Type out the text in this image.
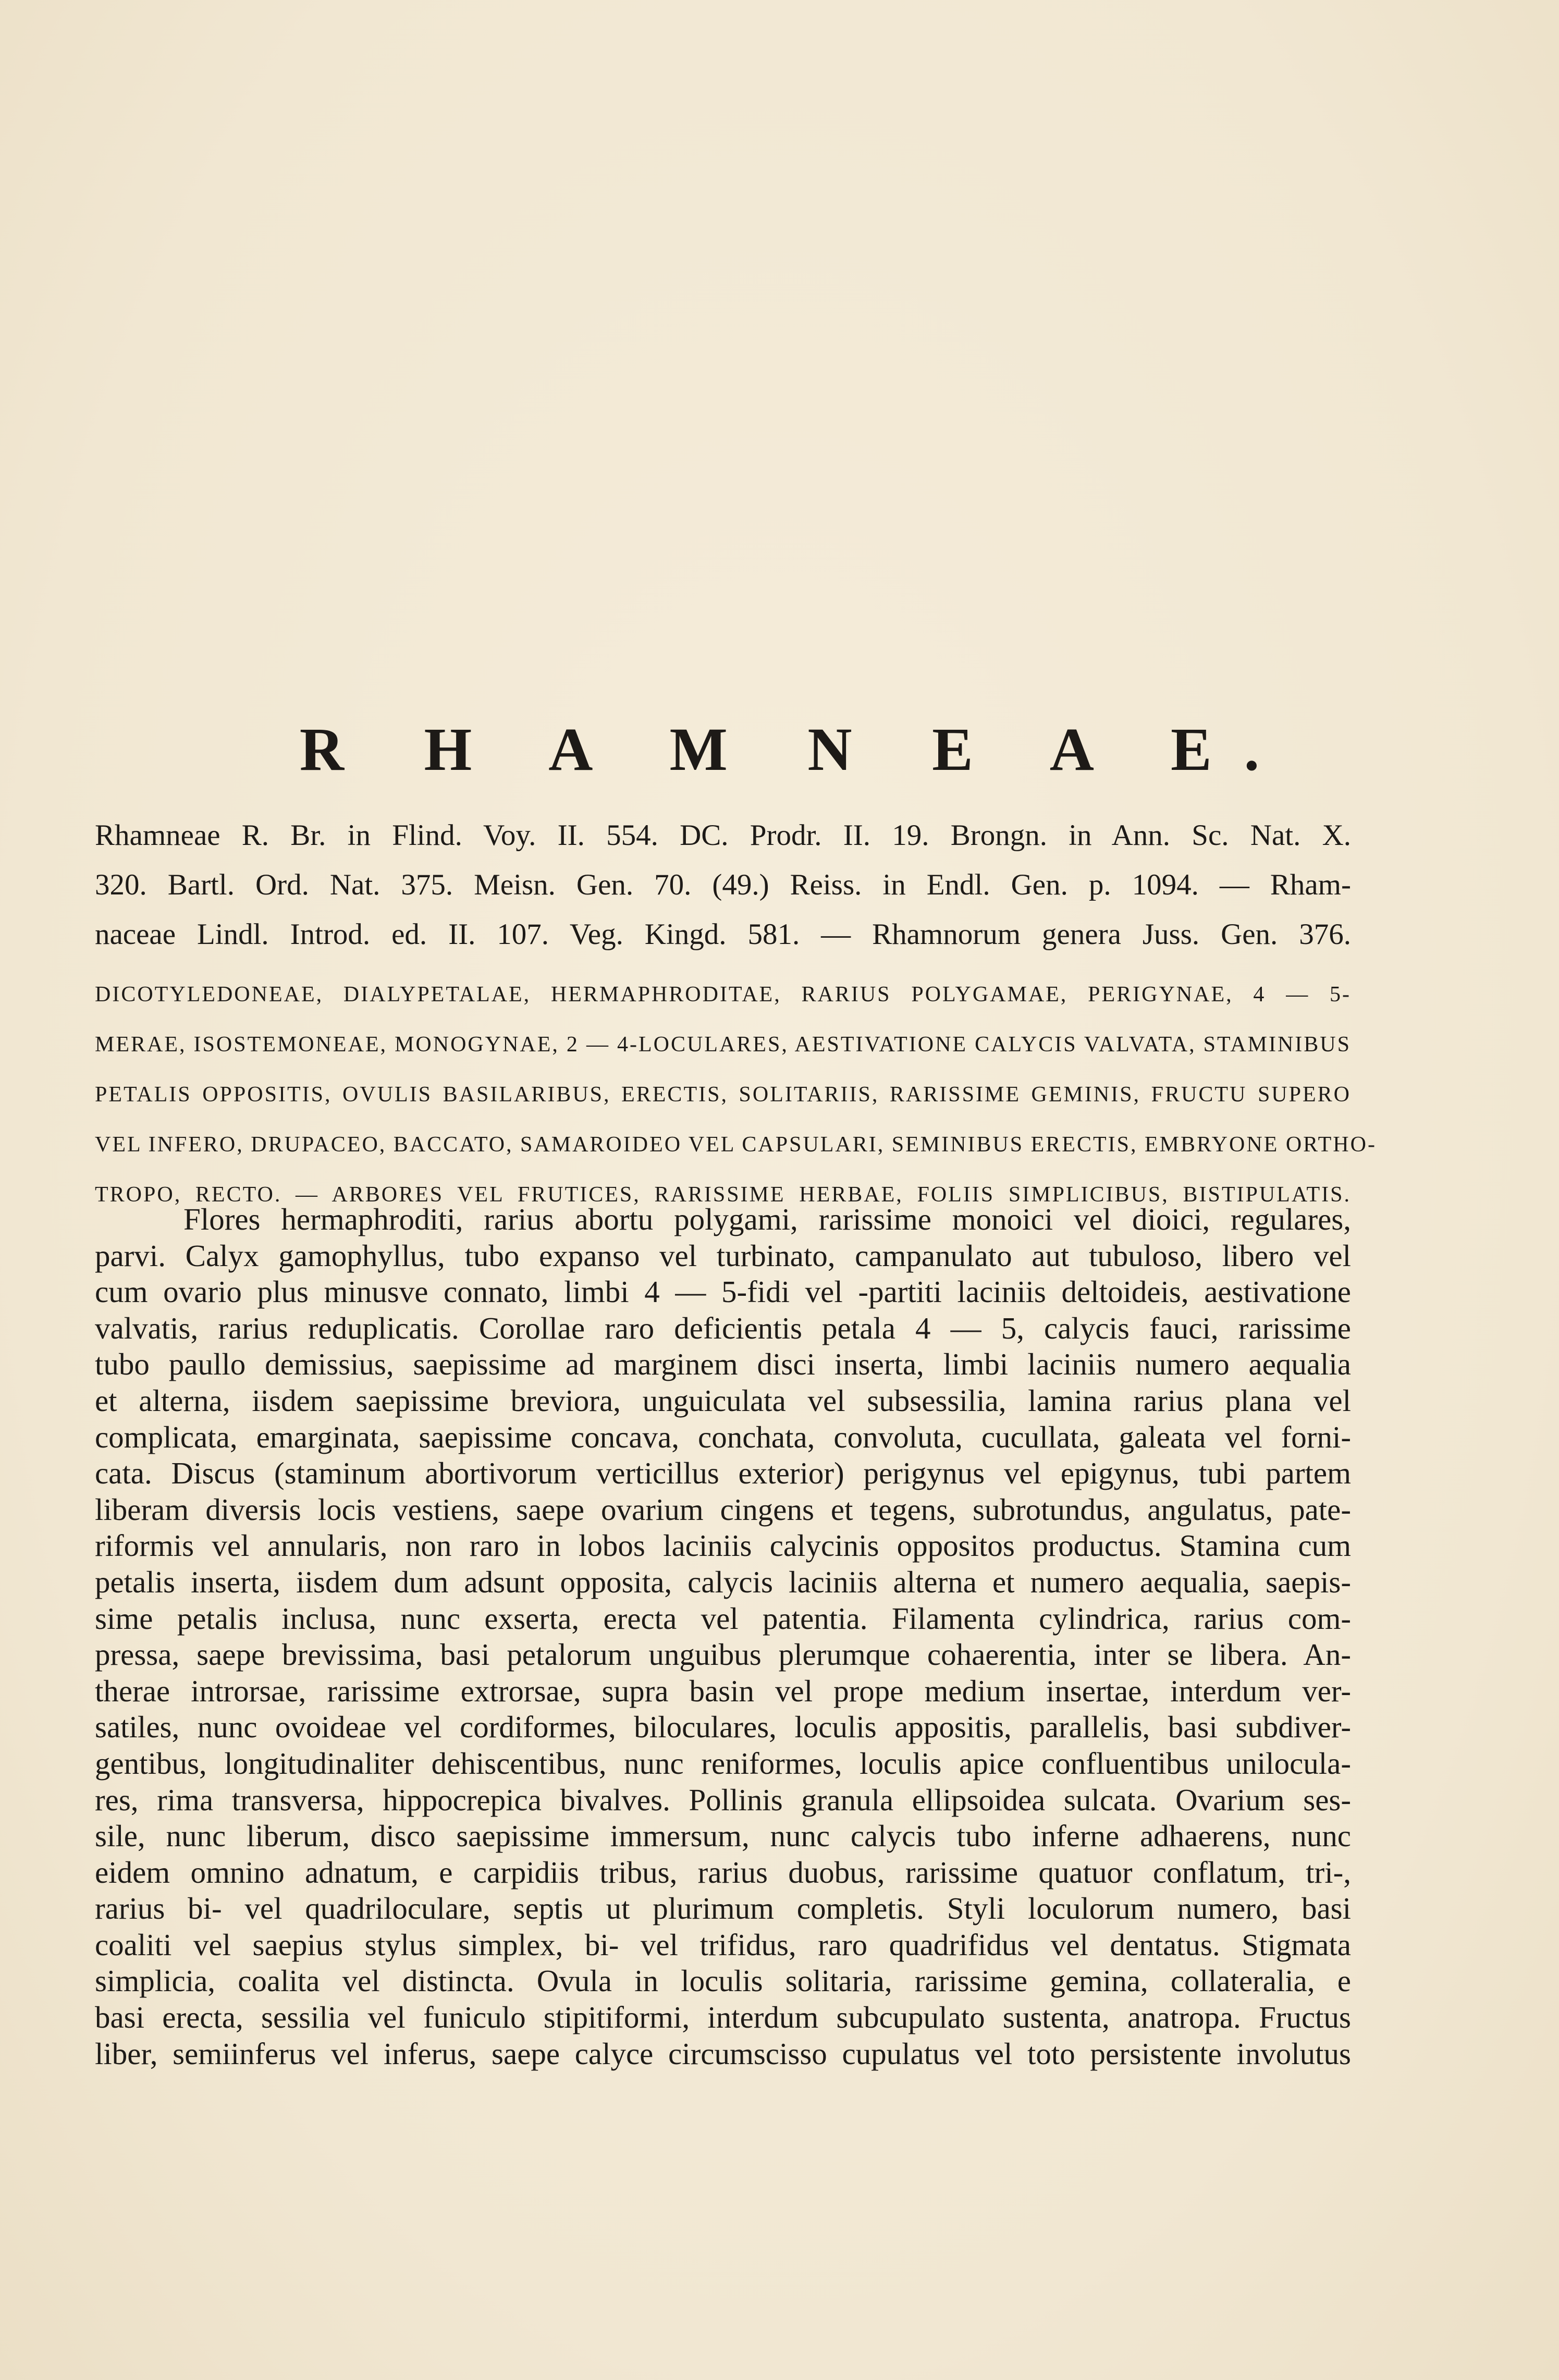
R H A M N E A E.
Rhamneae R. Br. in Flind. Voy. II. 554. DC. Prodr. II. 19. Brongn. in Ann. Sc. Nat. X.
320. Bartl. Ord. Nat. 375. Meisn. Gen. 70. (49.) Reiss. in Endl. Gen. p. 1094. — Rham-
naceae Lindl. Introd. ed. II. 107. Veg. Kingd. 581. — Rhamnorum genera Juss. Gen. 376.
DICOTYLEDONEAE, DIALYPETALAE, HERMAPHRODITAE, RARIUS POLYGAMAE, PERIGYNAE, 4 — 5-
MERAE, ISOSTEMONEAE, MONOGYNAE, 2 — 4-LOCULARES, AESTIVATIONE CALYCIS VALVATA, STAMINIBUS
PETALIS OPPOSITIS, OVULIS BASILARIBUS, ERECTIS, SOLITARIIS, RARISSIME GEMINIS, FRUCTU SUPERO
VEL INFERO, DRUPACEO, BACCATO, SAMAROIDEO VEL CAPSULARI, SEMINIBUS ERECTIS, EMBRYONE ORTHO-
TROPO, RECTO. — ARBORES VEL FRUTICES, RARISSIME HERBAE, FOLIIS SIMPLICIBUS, BISTIPULATIS.
Flores hermaphroditi, rarius abortu polygami, rarissime monoici vel dioici, regulares,
parvi. Calyx gamophyllus, tubo expanso vel turbinato, campanulato aut tubuloso, libero vel
cum ovario plus minusve connato, limbi 4 — 5-fidi vel -partiti laciniis deltoideis, aestivatione
valvatis, rarius reduplicatis. Corollae raro deficientis petala 4 — 5, calycis fauci, rarissime
tubo paullo demissius, saepissime ad marginem disci inserta, limbi laciniis numero aequalia
et alterna, iisdem saepissime breviora, unguiculata vel subsessilia, lamina rarius plana vel
complicata, emarginata, saepissime concava, conchata, convoluta, cucullata, galeata vel forni-
cata. Discus (staminum abortivorum verticillus exterior) perigynus vel epigynus, tubi partem
liberam diversis locis vestiens, saepe ovarium cingens et tegens, subrotundus, angulatus, pate-
riformis vel annularis, non raro in lobos laciniis calycinis oppositos productus. Stamina cum
petalis inserta, iisdem dum adsunt opposita, calycis laciniis alterna et numero aequalia, saepis-
sime petalis inclusa, nunc exserta, erecta vel patentia. Filamenta cylindrica, rarius com-
pressa, saepe brevissima, basi petalorum unguibus plerumque cohaerentia, inter se libera. An-
therae introrsae, rarissime extrorsae, supra basin vel prope medium insertae, interdum ver-
satiles, nunc ovoideae vel cordiformes, biloculares, loculis appositis, parallelis, basi subdiver-
gentibus, longitudinaliter dehiscentibus, nunc reniformes, loculis apice confluentibus unilocula-
res, rima transversa, hippocrepica bivalves. Pollinis granula ellipsoidea sulcata. Ovarium ses-
sile, nunc liberum, disco saepissime immersum, nunc calycis tubo inferne adhaerens, nunc
eidem omnino adnatum, e carpidiis tribus, rarius duobus, rarissime quatuor conflatum, tri-,
rarius bi- vel quadriloculare, septis ut plurimum completis. Styli loculorum numero, basi
coaliti vel saepius stylus simplex, bi- vel trifidus, raro quadrifidus vel dentatus. Stigmata
simplicia, coalita vel distincta. Ovula in loculis solitaria, rarissime gemina, collateralia, e
basi erecta, sessilia vel funiculo stipitiformi, interdum subcupulato sustenta, anatropa. Fructus
liber, semiinferus vel inferus, saepe calyce circumscisso cupulatus vel toto persistente involutus
